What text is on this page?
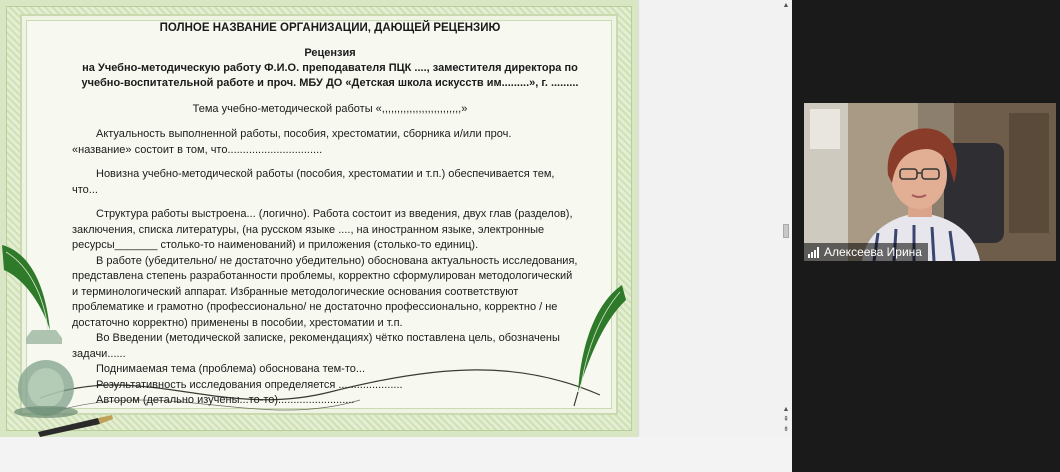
ПОЛНОЕ НАЗВАНИЕ ОРГАНИЗАЦИИ, ДАЮЩЕЙ РЕЦЕНЗИЮ
Рецензия
на Учебно-методическую работу Ф.И.О. преподавателя ПЦК ...., заместителя директора по
учебно-воспитательной работе и проч. МБУ ДО «Детская школа искусств им.........», г. .........
Тема учебно-методической работы «,,,,,,,,,,,,,,,,,,,,,,,,,,»
Актуальность выполненной работы, пособия, хрестоматии, сборника и/или проч.
«название» состоит в том, что...............................
Новизна учебно-методической работы (пособия, хрестоматии и т.п.) обеспечивается тем,
что...
Структура работы выстроена... (логично). Работа состоит из введения, двух глав (разделов),
заключения, списка литературы, (на русском языке ...., на иностранном языке, электронные
ресурсы_______ столько-то наименований) и приложения (столько-то единиц).
В работе (убедительно/ не достаточно убедительно) обоснована актуальность исследования,
представлена степень разработанности проблемы, корректно сформулирован методологический
и терминологический аппарат. Избранные методологические основания соответствуют
проблематике и грамотно (профессионально/ не достаточно профессионально, корректно / не
достаточно корректно) применены в пособии, хрестоматии и т.п.
Во Введении (методической записке, рекомендациях) чётко поставлена цель, обозначены
задачи......
Поднимаемая тема (проблема) обоснована тем-то...
Результативность исследования определяется .....................
Автором (детально изучены...то-то).........................
▲
▲
⇞
⇟
Алексеева Ирина
